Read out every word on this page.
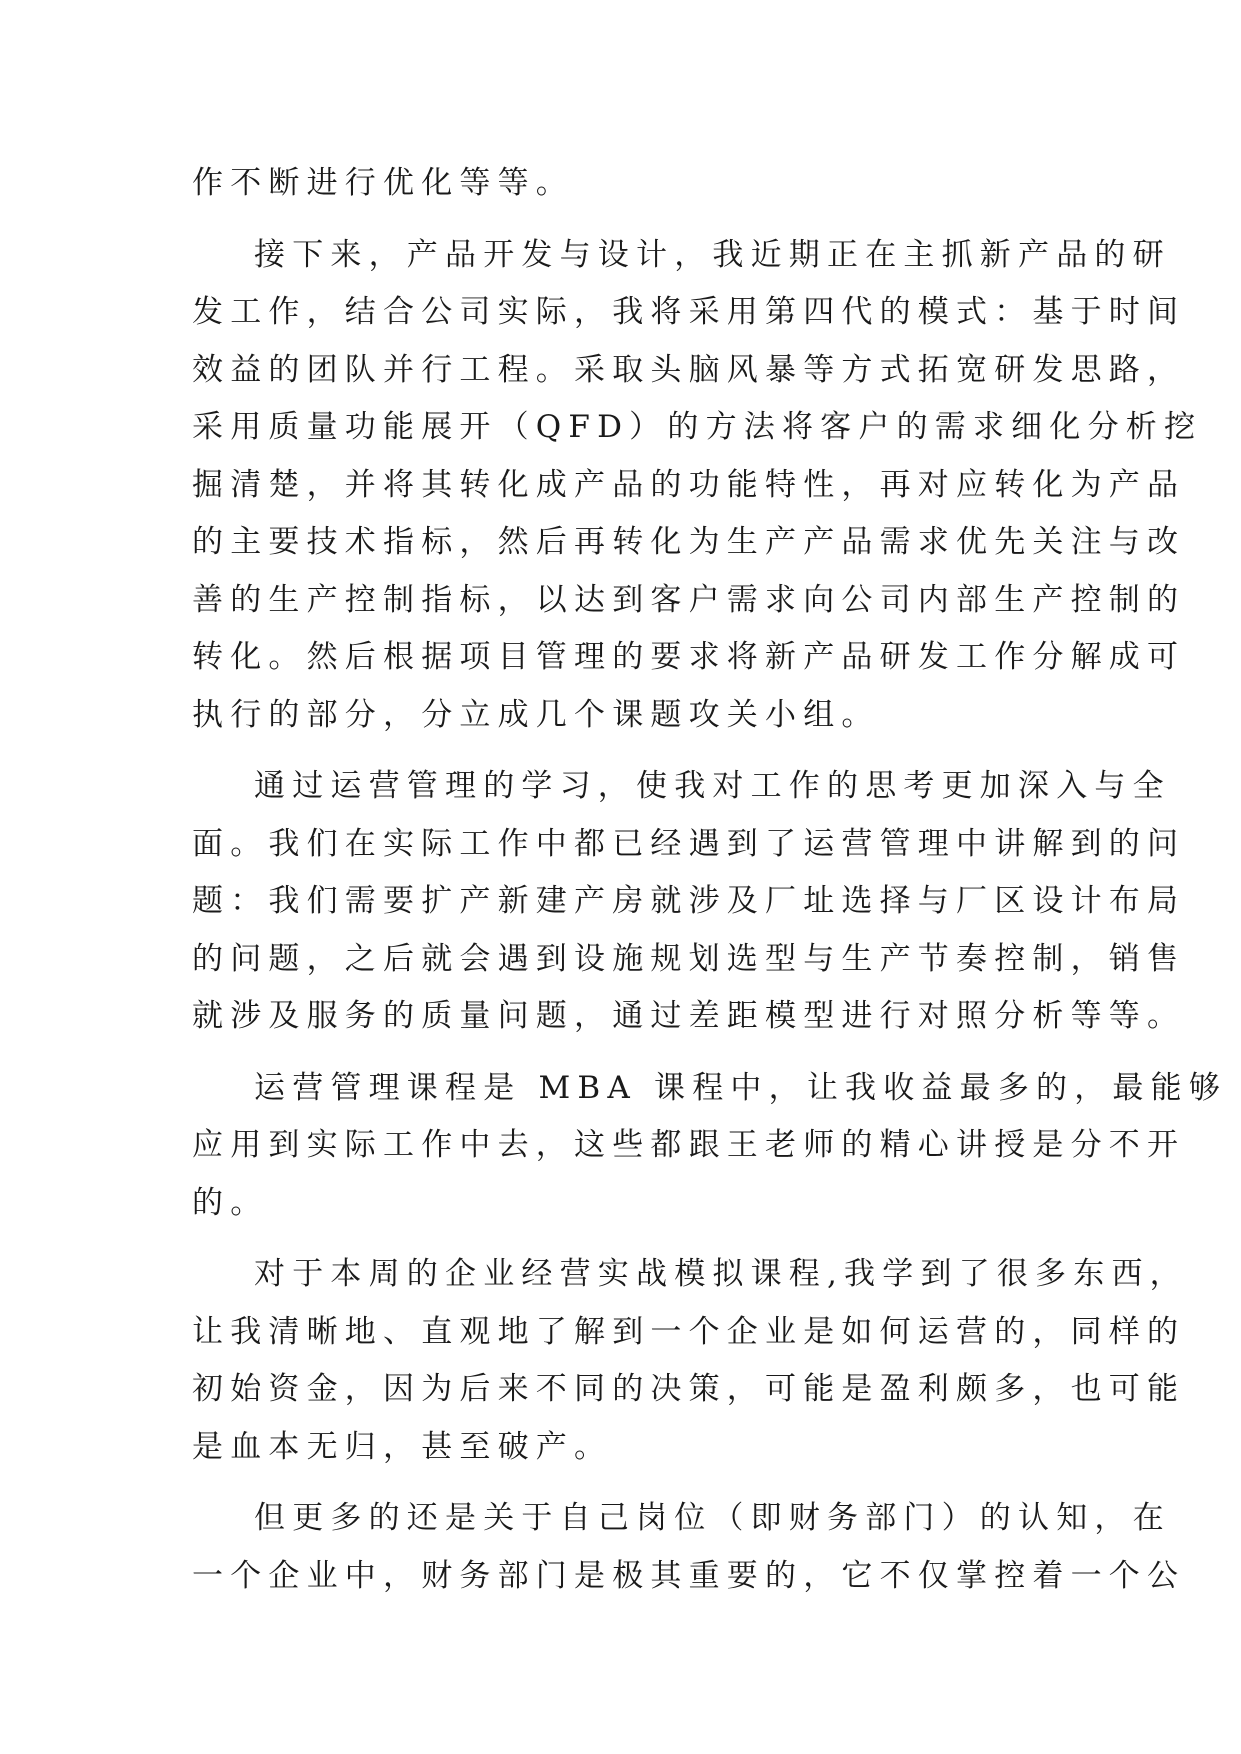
作不断进行优化等等。
接下来，产品开发与设计，我近期正在主抓新产品的研
发工作，结合公司实际，我将采用第四代的模式：基于时间
效益的团队并行工程。采取头脑风暴等方式拓宽研发思路，
采用质量功能展开（QFD）的方法将客户的需求细化分析挖
掘清楚，并将其转化成产品的功能特性，再对应转化为产品
的主要技术指标，然后再转化为生产产品需求优先关注与改
善的生产控制指标，以达到客户需求向公司内部生产控制的
转化。然后根据项目管理的要求将新产品研发工作分解成可
执行的部分，分立成几个课题攻关小组。
通过运营管理的学习，使我对工作的思考更加深入与全
面。我们在实际工作中都已经遇到了运营管理中讲解到的问
题：我们需要扩产新建产房就涉及厂址选择与厂区设计布局
的问题，之后就会遇到设施规划选型与生产节奏控制，销售
就涉及服务的质量问题，通过差距模型进行对照分析等等。
运营管理课程是 MBA 课程中，让我收益最多的，最能够
应用到实际工作中去，这些都跟王老师的精心讲授是分不开
的。
对于本周的企业经营实战模拟课程,我学到了很多东西，
让我清晰地、直观地了解到一个企业是如何运营的，同样的
初始资金，因为后来不同的决策，可能是盈利颇多，也可能
是血本无归，甚至破产。
但更多的还是关于自己岗位（即财务部门）的认知，在
一个企业中，财务部门是极其重要的，它不仅掌控着一个公
